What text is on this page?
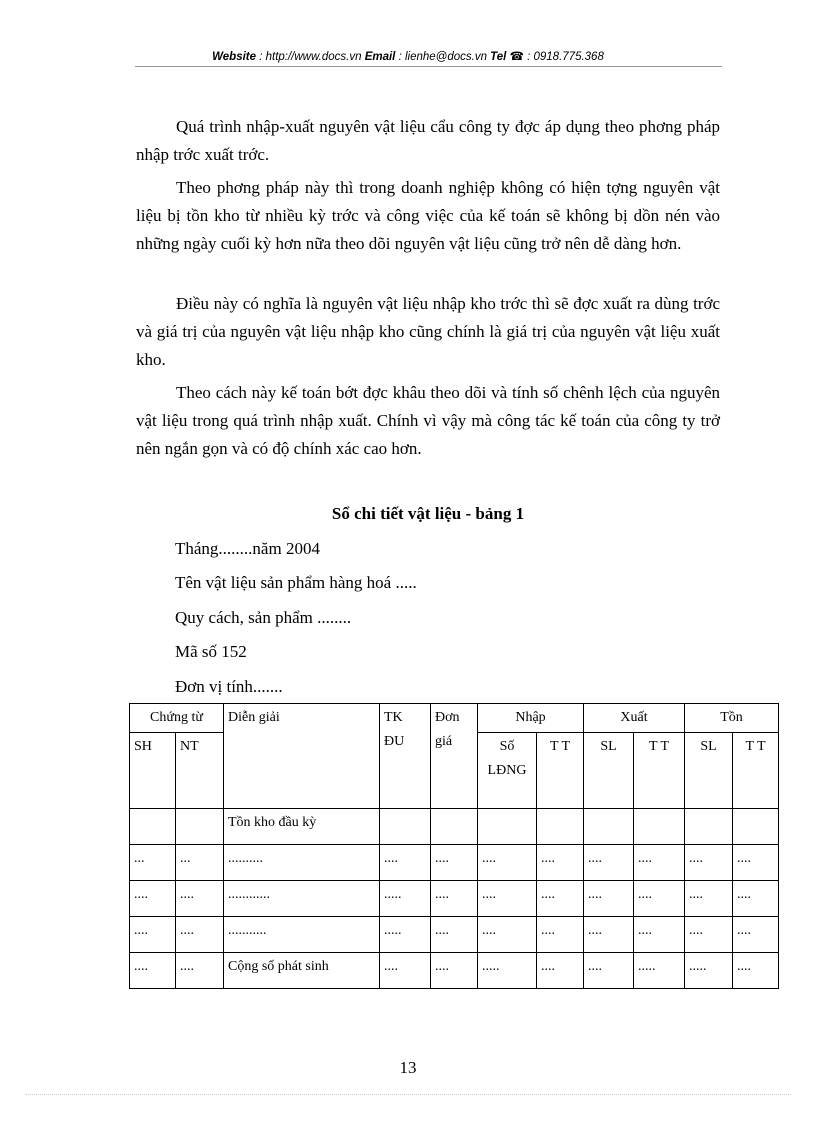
Website : http://www.docs.vn Email : lienhe@docs.vn Tel ☎ : 0918.775.368

Quá trình nhập-xuất nguyên vật liệu cẩu công ty đợc áp dụng theo phơng pháp nhập trớc xuất trớc.

Theo phơng pháp này thì trong doanh nghiệp không có hiện tợng nguyên vật liệu bị tồn kho từ nhiều kỳ trớc và công việc của kế toán sẽ không bị dồn nén vào những ngày cuối kỳ hơn nữa theo dõi nguyên vật liệu cũng trở nên dễ dàng hơn.

Điều này có nghĩa là nguyên vật liệu nhập kho trớc thì sẽ đợc xuất ra dùng trớc và giá trị của nguyên vật liệu nhập kho cũng chính là giá trị của nguyên vật liệu xuất kho.

Theo cách này kế toán bớt đợc khâu theo dõi và tính số chênh lệch của nguyên vật liệu trong quá trình nhập xuất. Chính vì vậy mà công tác kế toán của công ty trở nên ngắn gọn và có độ chính xác cao hơn.

Sổ chi tiết vật liệu - bảng 1

Tháng........năm 2004

Tên vật liệu sản phẩm hàng hoá .....

Quy cách, sản phẩm ........

Mã số 152

Đơn vị tính.......

Chứng từ		Diễn giải	TK ĐU	Đơn giá	Nhập		Xuất		Tồn	
SH	NT				Số LĐNG	T T	SL	T T	SL	T T
		Tồn kho đầu kỳ								
...	...	..........	....	....	....	....	....	....	....	....
....	....	............	.....	....	....	....	....	....	....	....
....	....	...........	.....	....	....	....	....	....	....	....
....	....	Cộng số phát sinh	....	....	.....	....	....	.....	.....	....
13
